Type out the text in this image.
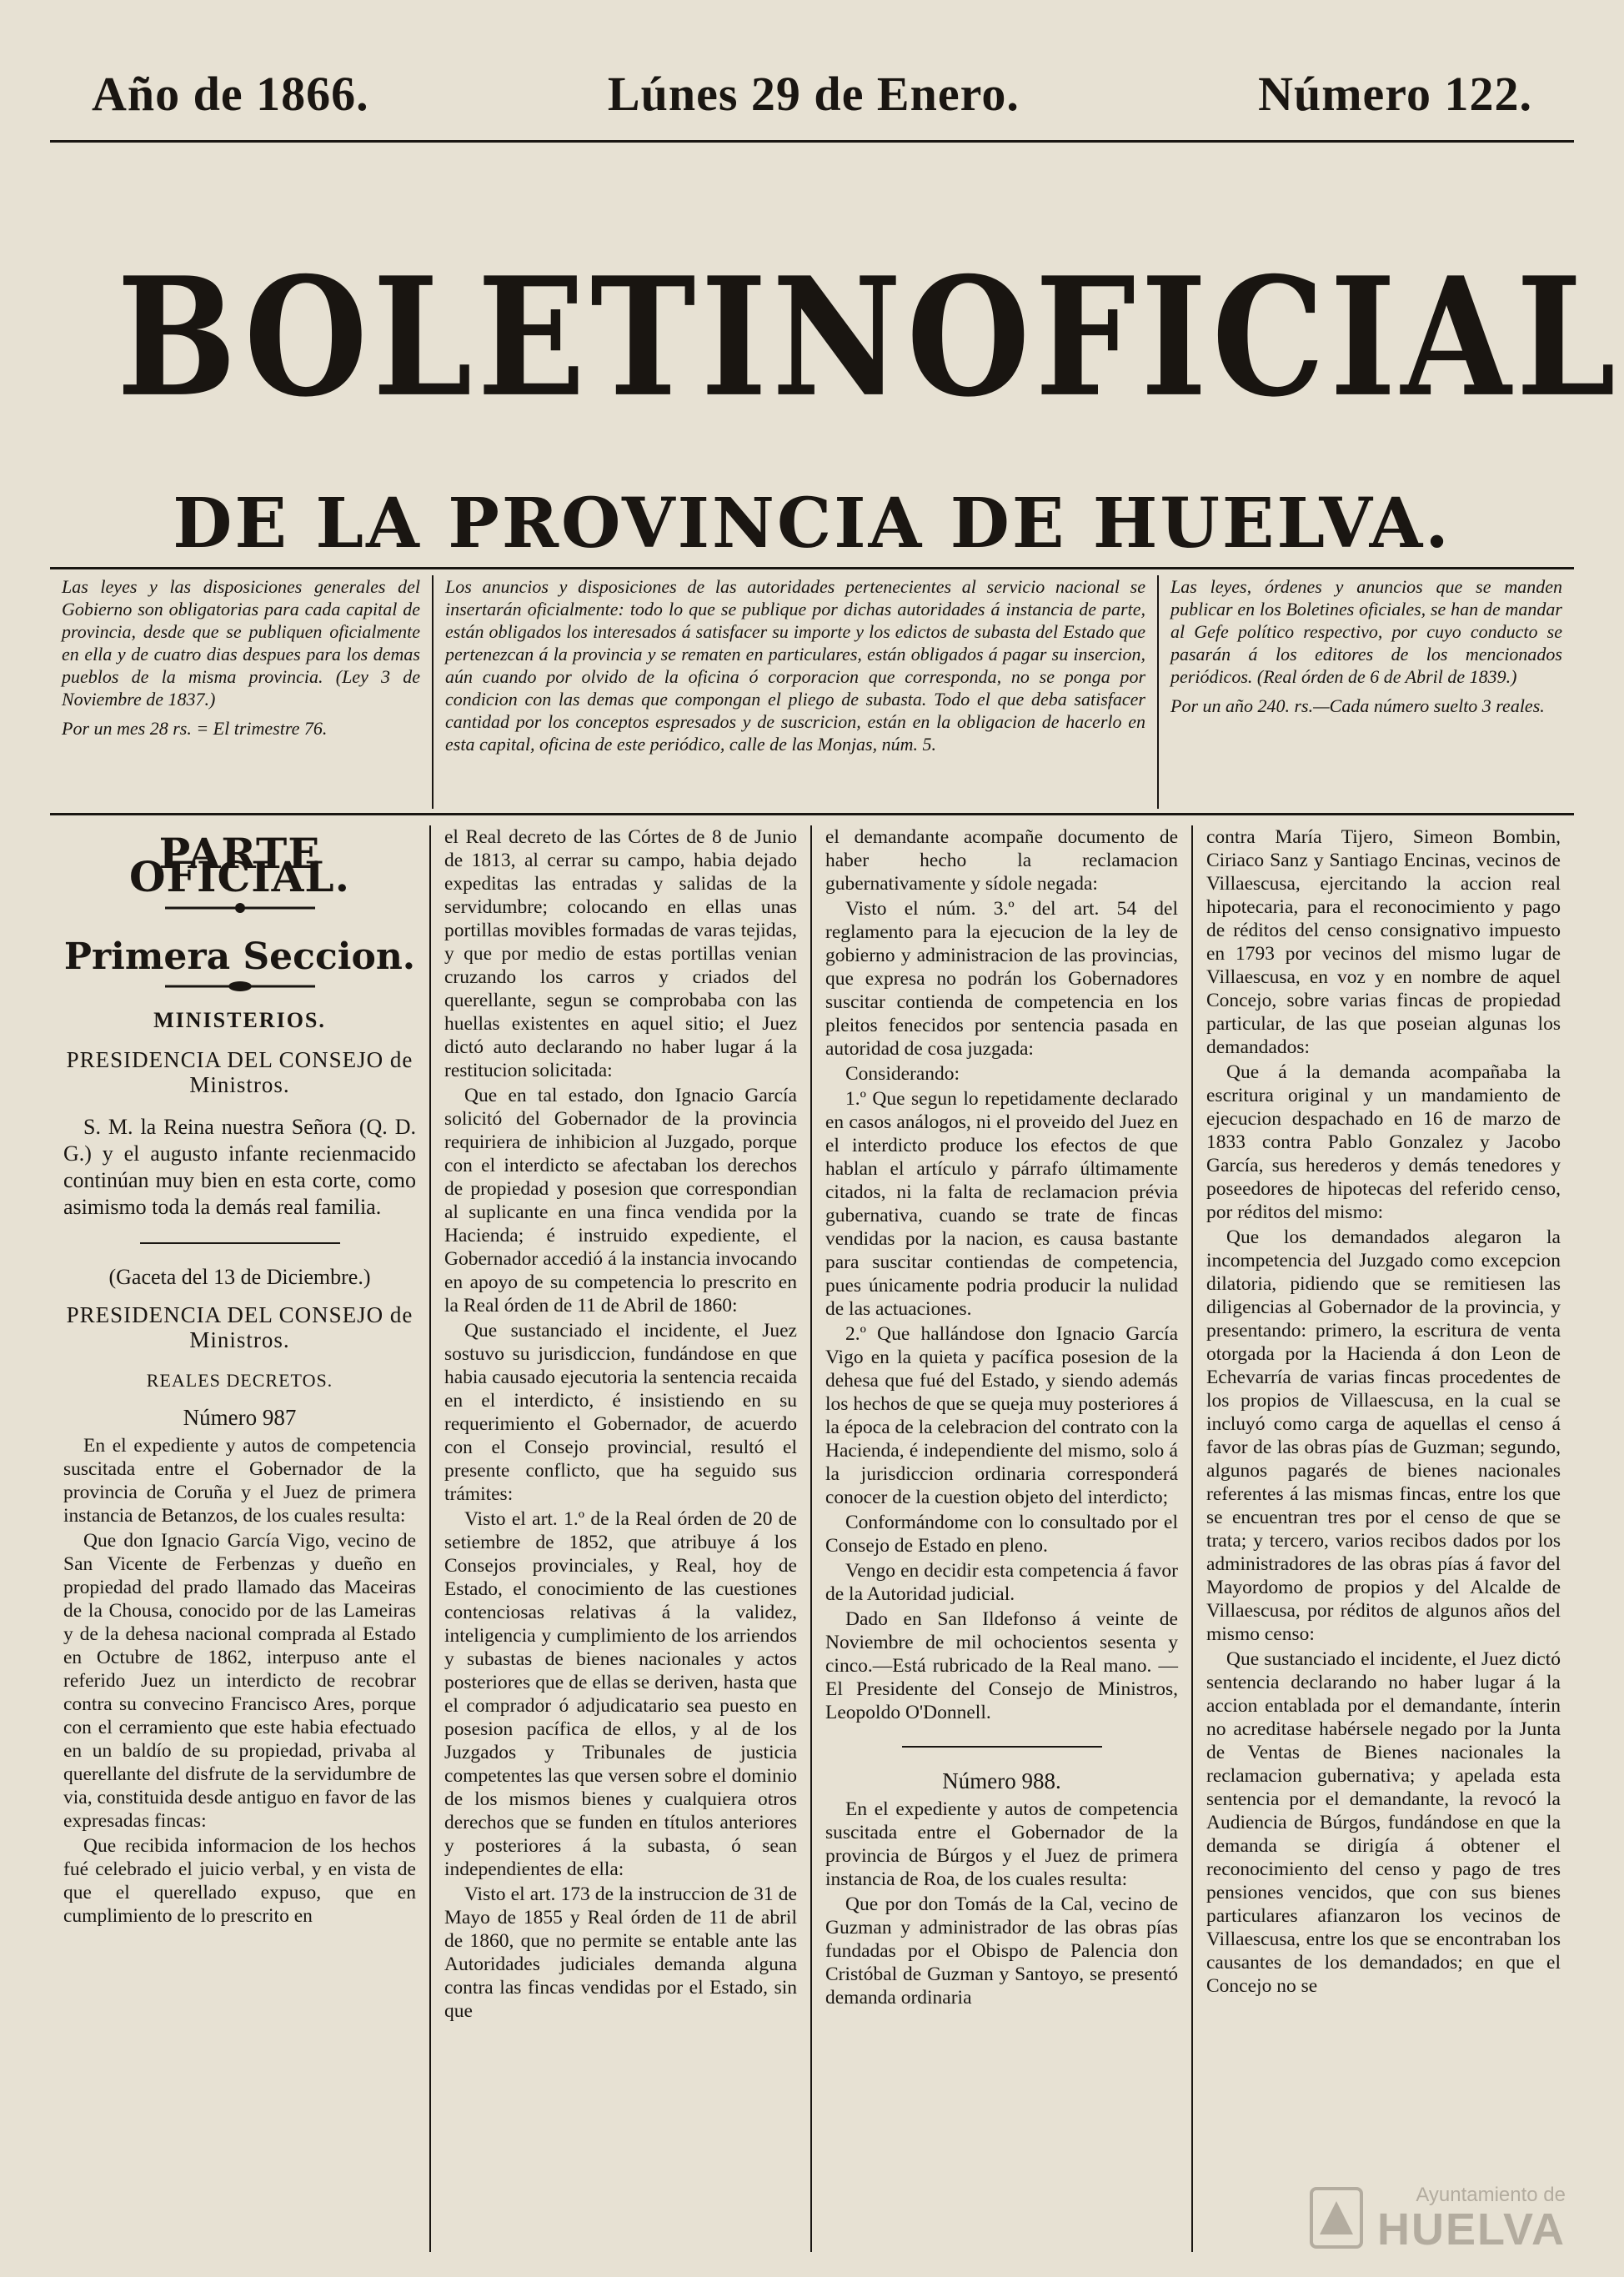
Año de 1866.	Lúnes 29 de Enero.	Número 122.
BOLETIN OFICIAL
DE LA PROVINCIA DE HUELVA.
Las leyes y las disposiciones generales del Gobierno son obligatorias para cada capital de provincia, desde que se publiquen oficialmente en ella y de cuatro dias despues para los demas pueblos de la misma provincia. (Ley 3 de Noviembre de 1837.)
Por un mes 28 rs. = El trimestre 76.
Los anuncios y disposiciones de las autoridades pertenecientes al servicio nacional se insertarán oficialmente: todo lo que se publique por dichas autoridades á instancia de parte, están obligados los interesados á satisfacer su importe y los edictos de subasta del Estado que pertenezcan á la provincia y se rematen en particulares, están obligados á pagar su insercion, aún cuando por olvido de la oficina ó corporacion que corresponda, no se ponga por condicion con las demas que compongan el pliego de subasta. Todo el que deba satisfacer cantidad por los conceptos espresados y de suscricion, están en la obligacion de hacerlo en esta capital, oficina de este periódico, calle de las Monjas, núm. 5.
Las leyes, órdenes y anuncios que se manden publicar en los Boletines oficiales, se han de mandar al Gefe político respectivo, por cuyo conducto se pasarán á los editores de los mencionados periódicos. (Real órden de 6 de Abril de 1839.)
Por un año 240. rs.—Cada número suelto 3 reales.
PARTE OFICIAL.
Primera Seccion.
MINISTERIOS.
PRESIDENCIA DEL CONSEJO de Ministros.

S. M. la Reina nuestra Señora (Q. D. G.) y el augusto infante recienmacido continúan muy bien en esta corte, como asimismo toda la demás real familia.

(Gaceta del 13 de Diciembre.)
PRESIDENCIA DEL CONSEJO de Ministros.
REALES DECRETOS.
Número 987

En el expediente y autos de competencia suscitada entre el Gobernador de la provincia de Coruña y el Juez de primera instancia de Betanzos, de los cuales resulta:

Que don Ignacio García Vigo, vecino de San Vicente de Ferbenzas y dueño en propiedad del prado llamado das Maceiras de la Chousa, conocido por de las Lameiras y de la dehesa nacional comprada al Estado en Octubre de 1862, interpuso ante el referido Juez un interdicto de recobrar contra su convecino Francisco Ares, porque con el cerramiento que este habia efectuado en un baldío de su propiedad, privaba al querellante del disfrute de la servidumbre de via, constituida desde antiguo en favor de las expresadas fincas:

Que recibida informacion de los hechos fué celebrado el juicio verbal, y en vista de que el querellado expuso, que en cumplimiento de lo prescrito en

el Real decreto de las Córtes de 8 de Junio de 1813, al cerrar su campo, habia dejado expeditas las entradas y salidas de la servidumbre; colocando en ellas unas portillas movibles formadas de varas tejidas, y que por medio de estas portillas venian cruzando los carros y criados del querellante, segun se comprobaba con las huellas existentes en aquel sitio; el Juez dictó auto declarando no haber lugar á la restitucion solicitada:

Que en tal estado, don Ignacio García solicitó del Gobernador de la provincia requiriera de inhibicion al Juzgado, porque con el interdicto se afectaban los derechos de propiedad y posesion que correspondian al suplicante en una finca vendida por la Hacienda; é instruido expediente, el Gobernador accedió á la instancia invocando en apoyo de su competencia lo prescrito en la Real órden de 11 de Abril de 1860:

Que sustanciado el incidente, el Juez sostuvo su jurisdiccion, fundándose en que habia causado ejecutoria la sentencia recaida en el interdicto, é insistiendo en su requerimiento el Gobernador, de acuerdo con el Consejo provincial, resultó el presente conflicto, que ha seguido sus trámites:

Visto el art. 1.º de la Real órden de 20 de setiembre de 1852, que atribuye á los Consejos provinciales, y Real, hoy de Estado, el conocimiento de las cuestiones contenciosas relativas á la validez, inteligencia y cumplimiento de los arriendos y subastas de bienes nacionales y actos posteriores que de ellas se deriven, hasta que el comprador ó adjudicatario sea puesto en posesion pacífica de ellos, y al de los Juzgados y Tribunales de justicia competentes las que versen sobre el dominio de los mismos bienes y cualquiera otros derechos que se funden en títulos anteriores y posteriores á la subasta, ó sean independientes de ella:

Visto el art. 173 de la instruccion de 31 de Mayo de 1855 y Real órden de 11 de abril de 1860, que no permite se entable ante las Autoridades judiciales demanda alguna contra las fincas vendidas por el Estado, sin que

el demandante acompañe documento de haber hecho la reclamacion gubernativamente y sídole negada:

Visto el núm. 3.º del art. 54 del reglamento para la ejecucion de la ley de gobierno y administracion de las provincias, que expresa no podrán los Gobernadores suscitar contienda de competencia en los pleitos fenecidos por sentencia pasada en autoridad de cosa juzgada:

Considerando:

1.º Que segun lo repetidamente declarado en casos análogos, ni el proveido del Juez en el interdicto produce los efectos de que hablan el artículo y párrafo últimamente citados, ni la falta de reclamacion prévia gubernativa, cuando se trate de fincas vendidas por la nacion, es causa bastante para suscitar contiendas de competencia, pues únicamente podria producir la nulidad de las actuaciones.

2.º Que hallándose don Ignacio García Vigo en la quieta y pacífica posesion de la dehesa que fué del Estado, y siendo además los hechos de que se queja muy posteriores á la época de la celebracion del contrato con la Hacienda, é independiente del mismo, solo á la jurisdiccion ordinaria corresponderá conocer de la cuestion objeto del interdicto;

Conformándome con lo consultado por el Consejo de Estado en pleno.

Vengo en decidir esta competencia á favor de la Autoridad judicial.

Dado en San Ildefonso á veinte de Noviembre de mil ochocientos sesenta y cinco.—Está rubricado de la Real mano. —El Presidente del Consejo de Ministros, Leopoldo O'Donnell.

Número 988.

En el expediente y autos de competencia suscitada entre el Gobernador de la provincia de Búrgos y el Juez de primera instancia de Roa, de los cuales resulta:

Que por don Tomás de la Cal, vecino de Guzman y administrador de las obras pías fundadas por el Obispo de Palencia don Cristóbal de Guzman y Santoyo, se presentó demanda ordinaria

contra María Tijero, Simeon Bombin, Ciriaco Sanz y Santiago Encinas, vecinos de Villaescusa, ejercitando la accion real hipotecaria, para el reconocimiento y pago de réditos del censo consignativo impuesto en 1793 por vecinos del mismo lugar de Villaescusa, en voz y en nombre de aquel Concejo, sobre varias fincas de propiedad particular, de las que poseian algunas los demandados:

Que á la demanda acompañaba la escritura original y un mandamiento de ejecucion despachado en 16 de marzo de 1833 contra Pablo Gonzalez y Jacobo García, sus herederos y demás tenedores y poseedores de hipotecas del referido censo, por réditos del mismo:

Que los demandados alegaron la incompetencia del Juzgado como excepcion dilatoria, pidiendo que se remitiesen las diligencias al Gobernador de la provincia, y presentando: primero, la escritura de venta otorgada por la Hacienda á don Leon de Echevarría de varias fincas procedentes de los propios de Villaescusa, en la cual se incluyó como carga de aquellas el censo á favor de las obras pías de Guzman; segundo, algunos pagarés de bienes nacionales referentes á las mismas fincas, entre los que se encuentran tres por el censo de que se trata; y tercero, varios recibos dados por los administradores de las obras pías á favor del Mayordomo de propios y del Alcalde de Villaescusa, por réditos de algunos años del mismo censo:

Que sustanciado el incidente, el Juez dictó sentencia declarando no haber lugar á la accion entablada por el demandante, ínterin no acreditase habérsele negado por la Junta de Ventas de Bienes nacionales la reclamacion gubernativa; y apelada esta sentencia por el demandante, la revocó la Audiencia de Búrgos, fundándose en que la demanda se dirigía á obtener el reconocimiento del censo y pago de tres pensiones vencidos, que con sus bienes particulares afianzaron los vecinos de Villaescusa, entre los que se encontraban los causantes de los demandados; en que el Concejo no se

Ayuntamiento de
HUELVA
